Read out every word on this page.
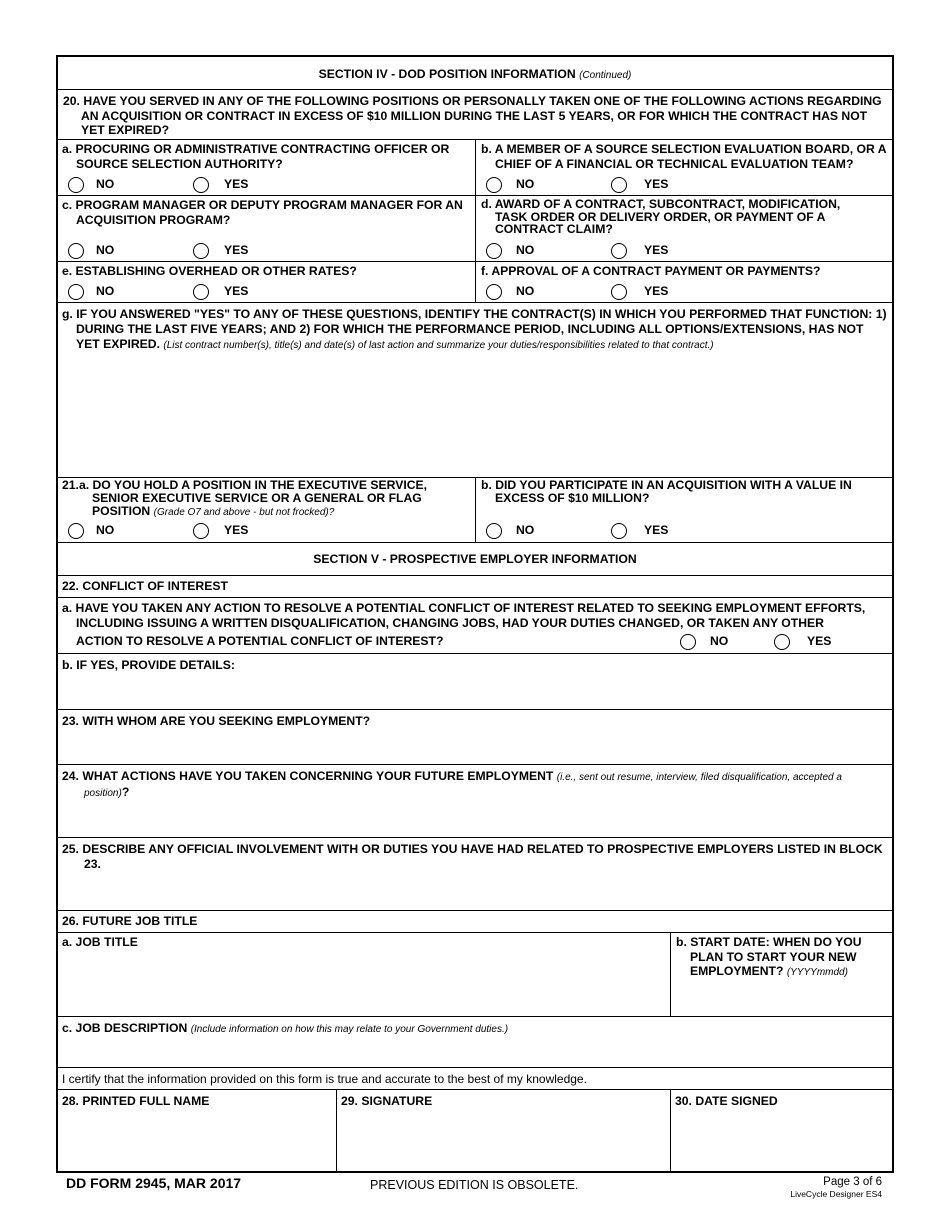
SECTION IV - DOD POSITION INFORMATION (Continued)
20. HAVE YOU SERVED IN ANY OF THE FOLLOWING POSITIONS OR PERSONALLY TAKEN ONE OF THE FOLLOWING ACTIONS REGARDING AN ACQUISITION OR CONTRACT IN EXCESS OF $10 MILLION DURING THE LAST 5 YEARS, OR FOR WHICH THE CONTRACT HAS NOT YET EXPIRED?
a. PROCURING OR ADMINISTRATIVE CONTRACTING OFFICER OR SOURCE SELECTION AUTHORITY?
NO	YES
b. A MEMBER OF A SOURCE SELECTION EVALUATION BOARD, OR A CHIEF OF A FINANCIAL OR TECHNICAL EVALUATION TEAM?
NO	YES
c. PROGRAM MANAGER OR DEPUTY PROGRAM MANAGER FOR AN ACQUISITION PROGRAM?
NO	YES
d. AWARD OF A CONTRACT, SUBCONTRACT, MODIFICATION, TASK ORDER OR DELIVERY ORDER, OR PAYMENT OF A CONTRACT CLAIM?
NO	YES
e. ESTABLISHING OVERHEAD OR OTHER RATES?
NO	YES
f. APPROVAL OF A CONTRACT PAYMENT OR PAYMENTS?
NO	YES
g. IF YOU ANSWERED "YES" TO ANY OF THESE QUESTIONS, IDENTIFY THE CONTRACT(S) IN WHICH YOU PERFORMED THAT FUNCTION: 1) DURING THE LAST FIVE YEARS; AND 2) FOR WHICH THE PERFORMANCE PERIOD, INCLUDING ALL OPTIONS/EXTENSIONS, HAS NOT YET EXPIRED. (List contract number(s), title(s) and date(s) of last action and summarize your duties/responsibilities related to that contract.)
21.a. DO YOU HOLD A POSITION IN THE EXECUTIVE SERVICE, SENIOR EXECUTIVE SERVICE OR A GENERAL OR FLAG POSITION (Grade O7 and above - but not frocked)?
NO	YES
b. DID YOU PARTICIPATE IN AN ACQUISITION WITH A VALUE IN EXCESS OF $10 MILLION?
NO	YES
SECTION V - PROSPECTIVE EMPLOYER INFORMATION
22. CONFLICT OF INTEREST
a. HAVE YOU TAKEN ANY ACTION TO RESOLVE A POTENTIAL CONFLICT OF INTEREST RELATED TO SEEKING EMPLOYMENT EFFORTS, INCLUDING ISSUING A WRITTEN DISQUALIFICATION, CHANGING JOBS, HAD YOUR DUTIES CHANGED, OR TAKEN ANY OTHER
ACTION TO RESOLVE A POTENTIAL CONFLICT OF INTEREST?	NO	YES
b. IF YES, PROVIDE DETAILS:
23. WITH WHOM ARE YOU SEEKING EMPLOYMENT?
24. WHAT ACTIONS HAVE YOU TAKEN CONCERNING YOUR FUTURE EMPLOYMENT (i.e., sent out resume, interview, filed disqualification, accepted a position)?
25. DESCRIBE ANY OFFICIAL INVOLVEMENT WITH OR DUTIES YOU HAVE HAD RELATED TO PROSPECTIVE EMPLOYERS LISTED IN BLOCK 23.
26. FUTURE JOB TITLE
a. JOB TITLE	b. START DATE: WHEN DO YOU PLAN TO START YOUR NEW EMPLOYMENT? (YYYYmmdd)
c. JOB DESCRIPTION (Include information on how this may relate to your Government duties.)
I certify that the information provided on this form is true and accurate to the best of my knowledge.
28. PRINTED FULL NAME	29. SIGNATURE	30. DATE SIGNED
DD FORM 2945, MAR 2017	PREVIOUS EDITION IS OBSOLETE.	Page 3 of 6
LiveCycle Designer ES4
